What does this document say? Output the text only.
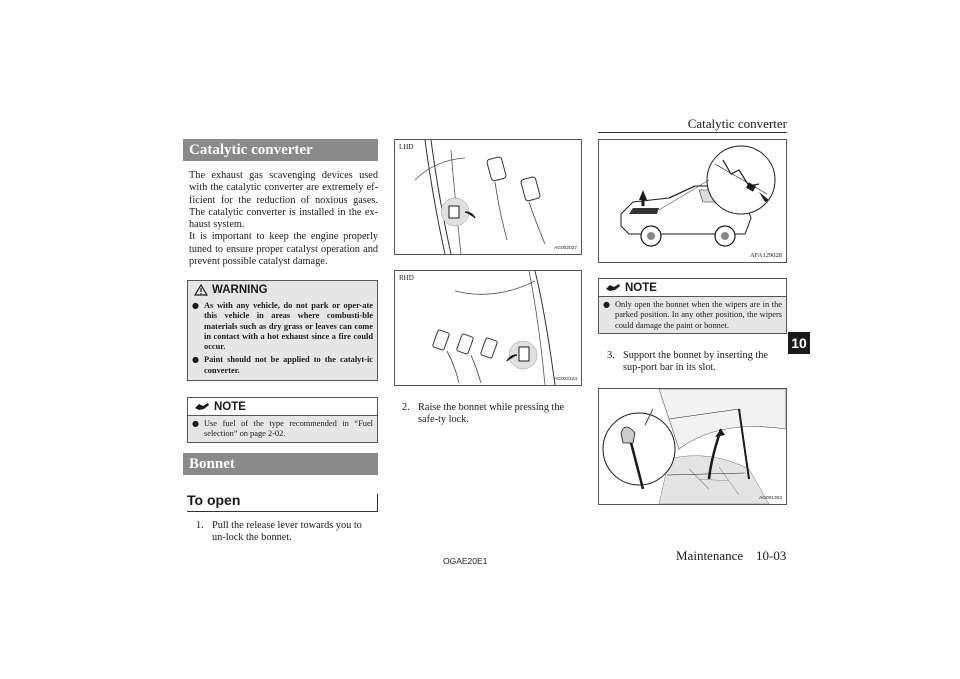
Catalytic converter
10
Catalytic converter

The exhaust gas scavenging devices used with the catalytic converter are extremely ef-ficient for the reduction of noxious gases. The catalytic converter is installed in the ex-haust system.

It is important to keep the engine properly tuned to ensure proper catalyst operation and prevent possible catalyst damage.

WARNING
● As with any vehicle, do not park or oper-ate this vehicle in areas where combusti-ble materials such as dry grass or leaves can come in contact with a hot exhaust since a fire could occur.
● Paint should not be applied to the catalyt-ic converter.
NOTE
● Use fuel of the type recommended in “Fuel selection” on page 2-02.
Bonnet
To open
1. Pull the release lever towards you to un-lock the bonnet.
LHD
AG002027
RHD
AG002124
2. Raise the bonnet while pressing the safe-ty lock.
AFA129028
NOTE
● Only open the bonnet when the wipers are in the parked position. In any other position, the wipers could damage the paint or bonnet.
3. Support the bonnet by inserting the sup-port bar in its slot.
AG001302
OGAE20E1	Maintenance 10-03
